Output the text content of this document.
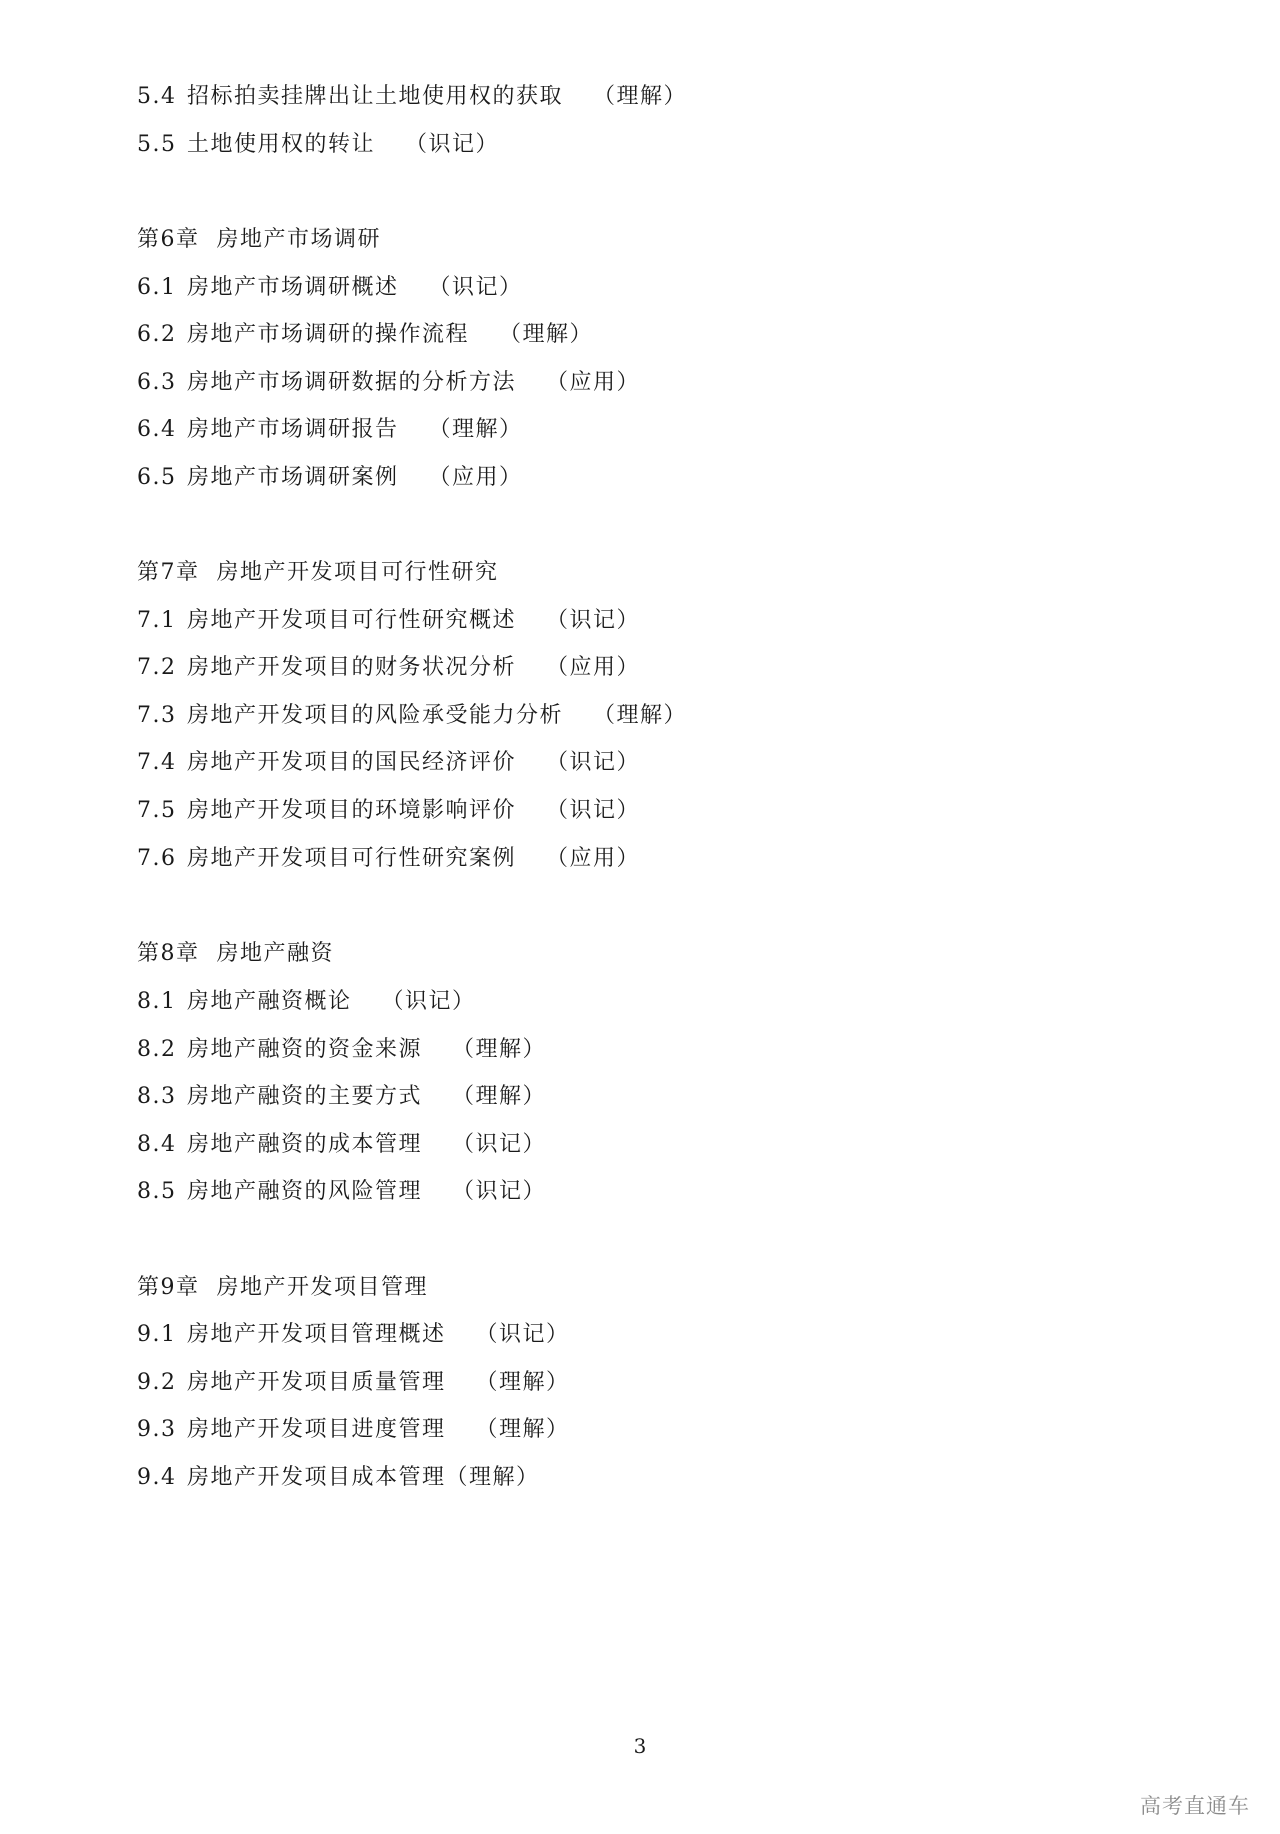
5.4 招标拍卖挂牌出让土地使用权的获取 （理解）
5.5 土地使用权的转让 （识记）
第6章 房地产市场调研
6.1 房地产市场调研概述 （识记）
6.2 房地产市场调研的操作流程 （理解）
6.3 房地产市场调研数据的分析方法 （应用）
6.4 房地产市场调研报告 （理解）
6.5 房地产市场调研案例 （应用）
第7章 房地产开发项目可行性研究
7.1 房地产开发项目可行性研究概述 （识记）
7.2 房地产开发项目的财务状况分析 （应用）
7.3 房地产开发项目的风险承受能力分析 （理解）
7.4 房地产开发项目的国民经济评价 （识记）
7.5 房地产开发项目的环境影响评价 （识记）
7.6 房地产开发项目可行性研究案例 （应用）
第8章 房地产融资
8.1 房地产融资概论 （识记）
8.2 房地产融资的资金来源 （理解）
8.3 房地产融资的主要方式 （理解）
8.4 房地产融资的成本管理 （识记）
8.5 房地产融资的风险管理 （识记）
第9章 房地产开发项目管理
9.1 房地产开发项目管理概述 （识记）
9.2 房地产开发项目质量管理 （理解）
9.3 房地产开发项目进度管理 （理解）
9.4 房地产开发项目成本管理（理解）
3
高考直通车
